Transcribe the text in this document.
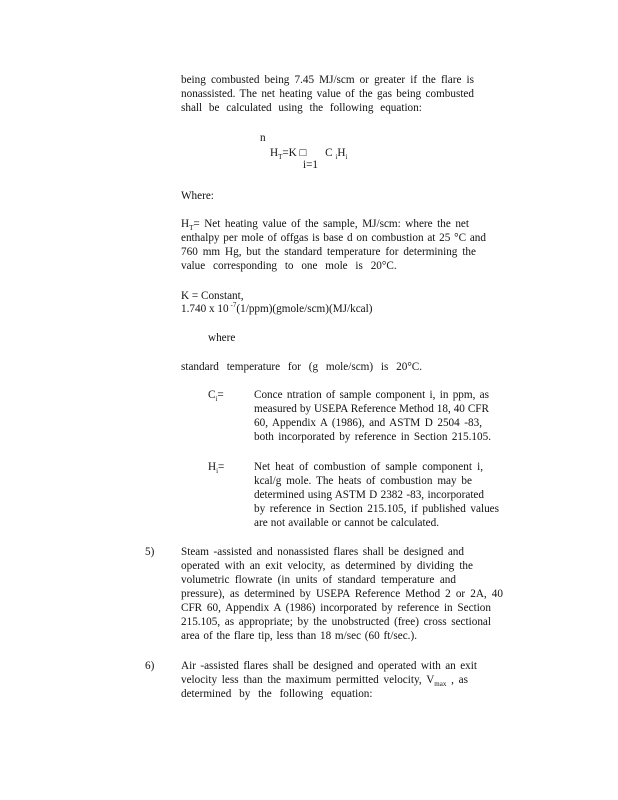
being combusted being 7.45 MJ/scm or greater if the flare is
nonassisted. The net heating value of the gas being combusted
shall be calculated using the following equation:
n
$H_T=K$ □ C $_iH_i$
i=1
Where:
$H_T=$ Net heating value of the sample, MJ/scm: where the net
enthalpy per mole of offgas is base d on combustion at 25 °C and
760 mm Hg, but the standard temperature for determining the
value corresponding to one mole is 20°C.
K = Constant,
1.740 x 10 $^{-7}$(1/ppm)(gmole/scm)(MJ/kcal)
where
standard temperature for (g mole/scm) is 20°C.
$C_i=$	Conce ntration of sample component i, in ppm, as
measured by USEPA Reference Method 18, 40 CFR
60, Appendix A (1986), and ASTM D 2504 -83,
both incorporated by reference in Section 215.105.
$H_i=$	Net heat of combustion of sample component i,
kcal/g mole. The heats of combustion may be
determined using ASTM D 2382 -83, incorporated
by reference in Section 215.105, if published values
are not available or cannot be calculated.
5) Steam -assisted and nonassisted flares shall be designed and
operated with an exit velocity, as determined by dividing the
volumetric flowrate (in units of standard temperature and
pressure), as determined by USEPA Reference Method 2 or 2A, 40
CFR 60, Appendix A (1986) incorporated by reference in Section
215.105, as appropriate; by the unobstructed (free) cross sectional
area of the flare tip, less than 18 m/sec (60 ft/sec.).
6) Air -assisted flares shall be designed and operated with an exit
velocity less than the maximum permitted velocity, $V_{max}$ , as
determined by the following equation:
